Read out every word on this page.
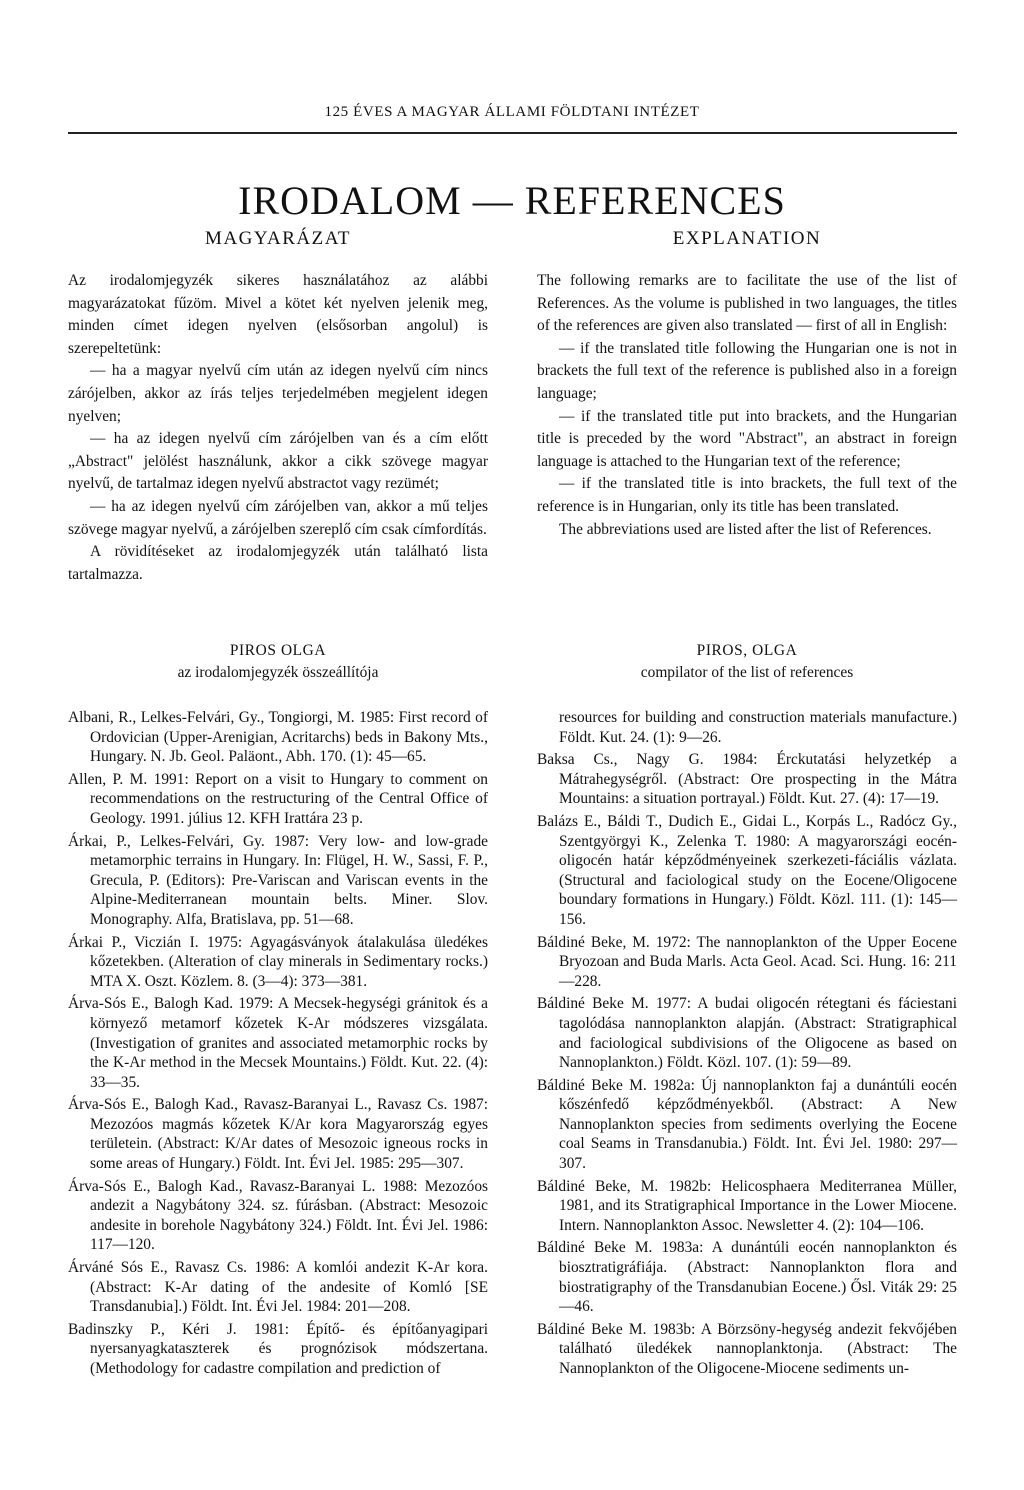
125 ÉVES A MAGYAR ÁLLAMI FÖLDTANI INTÉZET
IRODALOM — REFERENCES
MAGYARÁZAT

Az irodalomjegyzék sikeres használatához az alábbi magyarázatokat fűzöm. Mivel a kötet két nyelven jelenik meg, minden címet idegen nyelven (elsősorban angolul) is szerepeltetünk:

— ha a magyar nyelvű cím után az idegen nyelvű cím nincs zárójelben, akkor az írás teljes terjedelmében megjelent idegen nyelven;

— ha az idegen nyelvű cím zárójelben van és a cím előtt „Abstract" jelölést használunk, akkor a cikk szövege magyar nyelvű, de tartalmaz idegen nyelvű abstractot vagy rezümét;

— ha az idegen nyelvű cím zárójelben van, akkor a mű teljes szövege magyar nyelvű, a zárójelben szereplő cím csak címfordítás.

A rövidítéseket az irodalomjegyzék után található lista tartalmazza.

PIROS OLGA
az irodalomjegyzék összeállítója
EXPLANATION

The following remarks are to facilitate the use of the list of References. As the volume is published in two languages, the titles of the references are given also translated — first of all in English:

— if the translated title following the Hungarian one is not in brackets the full text of the reference is published also in a foreign language;

— if the translated title put into brackets, and the Hungarian title is preceded by the word "Abstract", an abstract in foreign language is attached to the Hungarian text of the reference;

— if the translated title is into brackets, the full text of the reference is in Hungarian, only its title has been translated.

The abbreviations used are listed after the list of References.

PIROS, OLGA
compilator of the list of references

Albani, R., Lelkes-Felvári, Gy., Tongiorgi, M. 1985: First record of Ordovician (Upper-Arenigian, Acritarchs) beds in Bakony Mts., Hungary. N. Jb. Geol. Paläont., Abh. 170. (1): 45—65.

Allen, P. M. 1991: Report on a visit to Hungary to comment on recommendations on the restructuring of the Central Office of Geology. 1991. július 12. KFH Irattára 23 p.

Árkai, P., Lelkes-Felvári, Gy. 1987: Very low- and low-grade metamorphic terrains in Hungary. In: Flügel, H. W., Sassi, F. P., Grecula, P. (Editors): Pre-Variscan and Variscan events in the Alpine-Mediterranean mountain belts. Miner. Slov. Monography. Alfa, Bratislava, pp. 51—68.

Árkai P., Viczián I. 1975: Agyagásványok átalakulása üledékes kőzetekben. (Alteration of clay minerals in Sedimentary rocks.) MTA X. Oszt. Közlem. 8. (3—4): 373—381.

Árva-Sós E., Balogh Kad. 1979: A Mecsek-hegységi gránitok és a környező metamorf kőzetek K-Ar módszeres vizsgálata. (Investigation of granites and associated metamorphic rocks by the K-Ar method in the Mecsek Mountains.) Földt. Kut. 22. (4): 33—35.

Árva-Sós E., Balogh Kad., Ravasz-Baranyai L., Ravasz Cs. 1987: Mezozóos magmás kőzetek K/Ar kora Magyarország egyes területein. (Abstract: K/Ar dates of Mesozoic igneous rocks in some areas of Hungary.) Földt. Int. Évi Jel. 1985: 295—307.

Árva-Sós E., Balogh Kad., Ravasz-Baranyai L. 1988: Mezozóos andezit a Nagybátony 324. sz. fúrásban. (Abstract: Mesozoic andesite in borehole Nagybátony 324.) Földt. Int. Évi Jel. 1986: 117—120.

Árváné Sós E., Ravasz Cs. 1986: A komlói andezit K-Ar kora. (Abstract: K-Ar dating of the andesite of Komló [SE Transdanubia].) Földt. Int. Évi Jel. 1984: 201—208.

Badinszky P., Kéri J. 1981: Építő- és építőanyagipari nyersanyagkataszterek és prognózisok módszertana. (Methodology for cadastre compilation and prediction of

resources for building and construction materials manufacture.) Földt. Kut. 24. (1): 9—26.

Baksa Cs., Nagy G. 1984: Érckutatási helyzetkép a Mátrahegységről. (Abstract: Ore prospecting in the Mátra Mountains: a situation portrayal.) Földt. Kut. 27. (4): 17—19.

Balázs E., Báldi T., Dudich E., Gidai L., Korpás L., Radócz Gy., Szentgyörgyi K., Zelenka T. 1980: A magyarországi eocén-oligocén határ képződményeinek szerkezeti-fáciális vázlata. (Structural and faciological study on the Eocene/Oligocene boundary formations in Hungary.) Földt. Közl. 111. (1): 145—156.

Báldiné Beke, M. 1972: The nannoplankton of the Upper Eocene Bryozoan and Buda Marls. Acta Geol. Acad. Sci. Hung. 16: 211—228.

Báldiné Beke M. 1977: A budai oligocén rétegtani és fáciestani tagolódása nannoplankton alapján. (Abstract: Stratigraphical and faciological subdivisions of the Oligocene as based on Nannoplankton.) Földt. Közl. 107. (1): 59—89.

Báldiné Beke M. 1982a: Új nannoplankton faj a dunántúli eocén kőszénfedő képződményekből. (Abstract: A New Nannoplankton species from sediments overlying the Eocene coal Seams in Transdanubia.) Földt. Int. Évi Jel. 1980: 297—307.

Báldiné Beke, M. 1982b: Helicosphaera Mediterranea Müller, 1981, and its Stratigraphical Importance in the Lower Miocene. Intern. Nannoplankton Assoc. Newsletter 4. (2): 104—106.

Báldiné Beke M. 1983a: A dunántúli eocén nannoplankton és biosztratigráfiája. (Abstract: Nannoplankton flora and biostratigraphy of the Transdanubian Eocene.) Ősl. Viták 29: 25—46.

Báldiné Beke M. 1983b: A Börzsöny-hegység andezit fekvőjében található üledékek nannoplanktonja. (Abstract: The Nannoplankton of the Oligocene-Miocene sediments un-
